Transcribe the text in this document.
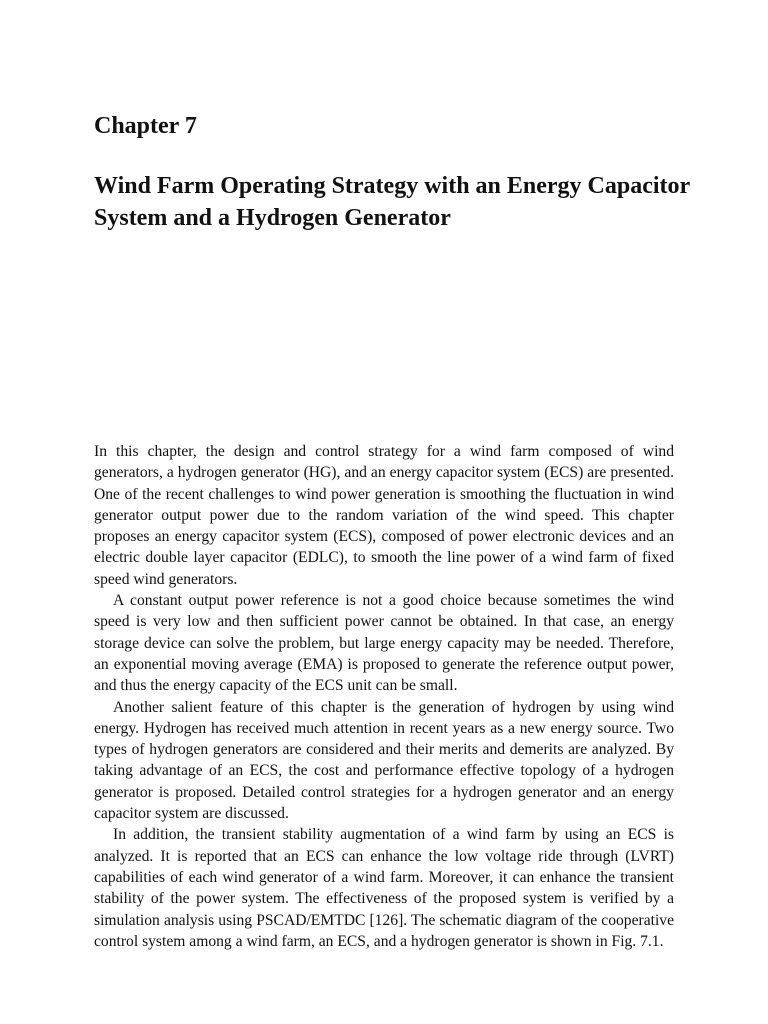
Chapter 7
Wind Farm Operating Strategy with an Energy Capacitor System and a Hydrogen Generator

In this chapter, the design and control strategy for a wind farm composed of wind generators, a hydrogen generator (HG), and an energy capacitor system (ECS) are presented. One of the recent challenges to wind power generation is smoothing the fluctuation in wind generator output power due to the random variation of the wind speed. This chapter proposes an energy capacitor system (ECS), composed of power electronic devices and an electric double layer capacitor (EDLC), to smooth the line power of a wind farm of fixed speed wind generators.

A constant output power reference is not a good choice because sometimes the wind speed is very low and then sufficient power cannot be obtained. In that case, an energy storage device can solve the problem, but large energy capacity may be needed. Therefore, an exponential moving average (EMA) is proposed to generate the reference output power, and thus the energy capacity of the ECS unit can be small.

Another salient feature of this chapter is the generation of hydrogen by using wind energy. Hydrogen has received much attention in recent years as a new energy source. Two types of hydrogen generators are considered and their merits and demerits are analyzed. By taking advantage of an ECS, the cost and performance effective topology of a hydrogen generator is proposed. Detailed control strategies for a hydrogen generator and an energy capacitor system are discussed.

In addition, the transient stability augmentation of a wind farm by using an ECS is analyzed. It is reported that an ECS can enhance the low voltage ride through (LVRT) capabilities of each wind generator of a wind farm. Moreover, it can enhance the transient stability of the power system. The effectiveness of the proposed system is verified by a simulation analysis using PSCAD/EMTDC [126]. The schematic diagram of the cooperative control system among a wind farm, an ECS, and a hydrogen generator is shown in Fig. 7.1.
